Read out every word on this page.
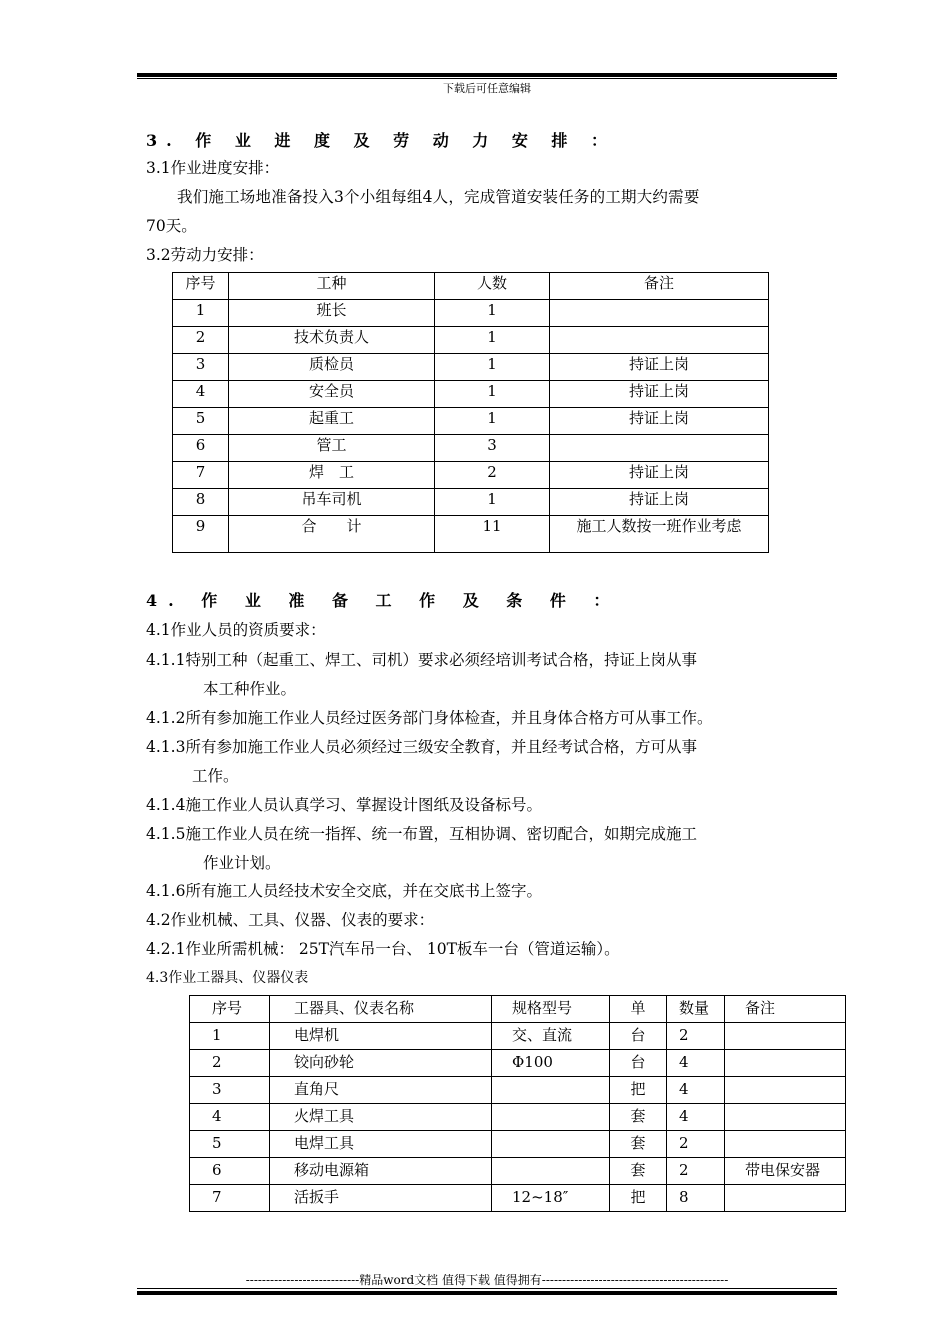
下载后可任意编辑
3. 作 业 进 度 及 劳 动 力 安 排 ：
3.1作业进度安排：
我们施工场地准备投入3个小组每组4人，完成管道安装任务的工期大约需要
70天。
3.2劳动力安排：
序号	工种	人数	备注
1	班长	1	
2	技术负责人	1	
3	质检员	1	持证上岗
4	安全员	1	持证上岗
5	起重工	1	持证上岗
6	管工	3	
7	焊　工	2	持证上岗
8	吊车司机	1	持证上岗
9	合　　计	11	施工人数按一班作业考虑
4. 作 业 准 备 工 作 及 条 件 ：
4.1作业人员的资质要求：
4.1.1特别工种（起重工、焊工、司机）要求必须经培训考试合格，持证上岗从事
本工种作业。
4.1.2所有参加施工作业人员经过医务部门身体检查，并且身体合格方可从事工作。
4.1.3所有参加施工作业人员必须经过三级安全教育，并且经考试合格，方可从事
工作。
4.1.4施工作业人员认真学习、掌握设计图纸及设备标号。
4.1.5施工作业人员在统一指挥、统一布置，互相协调、密切配合，如期完成施工
作业计划。
4.1.6所有施工人员经技术安全交底，并在交底书上签字。
4.2作业机械、工具、仪器、仪表的要求：
4.2.1作业所需机械： 25T汽车吊一台、 10T板车一台（管道运输）。
4.3作业工器具、仪器仪表
序号	工器具、仪表名称	规格型号	单	数量	备注
1	电焊机	交、直流	台	2	
2	铰向砂轮	Φ100	台	4	
3	直角尺		把	4	
4	火焊工具		套	4	
5	电焊工具		套	2	
6	移动电源箱		套	2	带电保安器
7	活扳手	12~18″	把	8	
----------------------------精品word文档 值得下载 值得拥有----------------------------------------------
